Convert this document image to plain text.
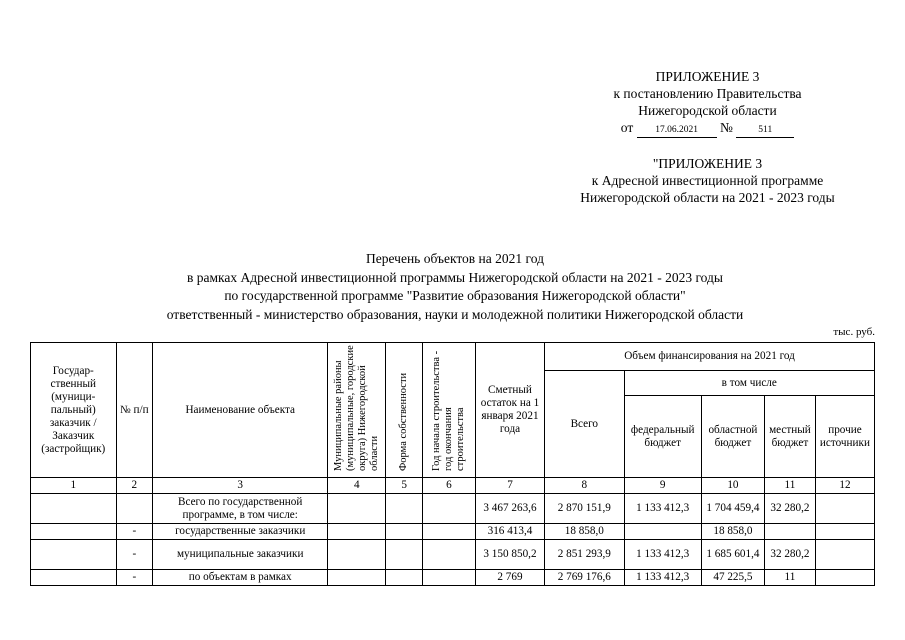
ПРИЛОЖЕНИЕ 3
к постановлению Правительства
Нижегородской области
от 17.06.2021 №	511
"ПРИЛОЖЕНИЕ 3
к Адресной инвестиционной программе
Нижегородской области на 2021 - 2023 годы
Перечень объектов на 2021 год
в рамках Адресной инвестиционной программы Нижегородской области на 2021 - 2023 годы
по государственной программе "Развитие образования Нижегородской области"
ответственный - министерство образования, науки и молодежной политики Нижегородской области
тыс. руб.
Государственный (муниципальный) заказчик / Заказчик (застройщик)	№ п/п	Наименование объекта	Муниципальные районы (муниципальные, городские округа) Нижегородской области	Форма собственности	Год начала строительства - год окончания строительства	Сметный остаток на 1 января 2021 года	Объем финансирования на 2021 год				
							Всего	в том числе			
								федеральный бюджет	областной бюджет	местный бюджет	прочие источники
1	2	3	4	5	6	7	8	9	10	11	12
		Всего по государственной программе, в том числе:				3 467 263,6	2 870 151,9	1 133 412,3	1 704 459,4	32 280,2	
	-	государственные заказчики				316 413,4	18 858,0		18 858,0		
	-	муниципальные заказчики				3 150 850,2	2 851 293,9	1 133 412,3	1 685 601,4	32 280,2	
	-	по объектам в рамках				2 769	2 769 176,6	1 133 412,3	47 225,5	11	
